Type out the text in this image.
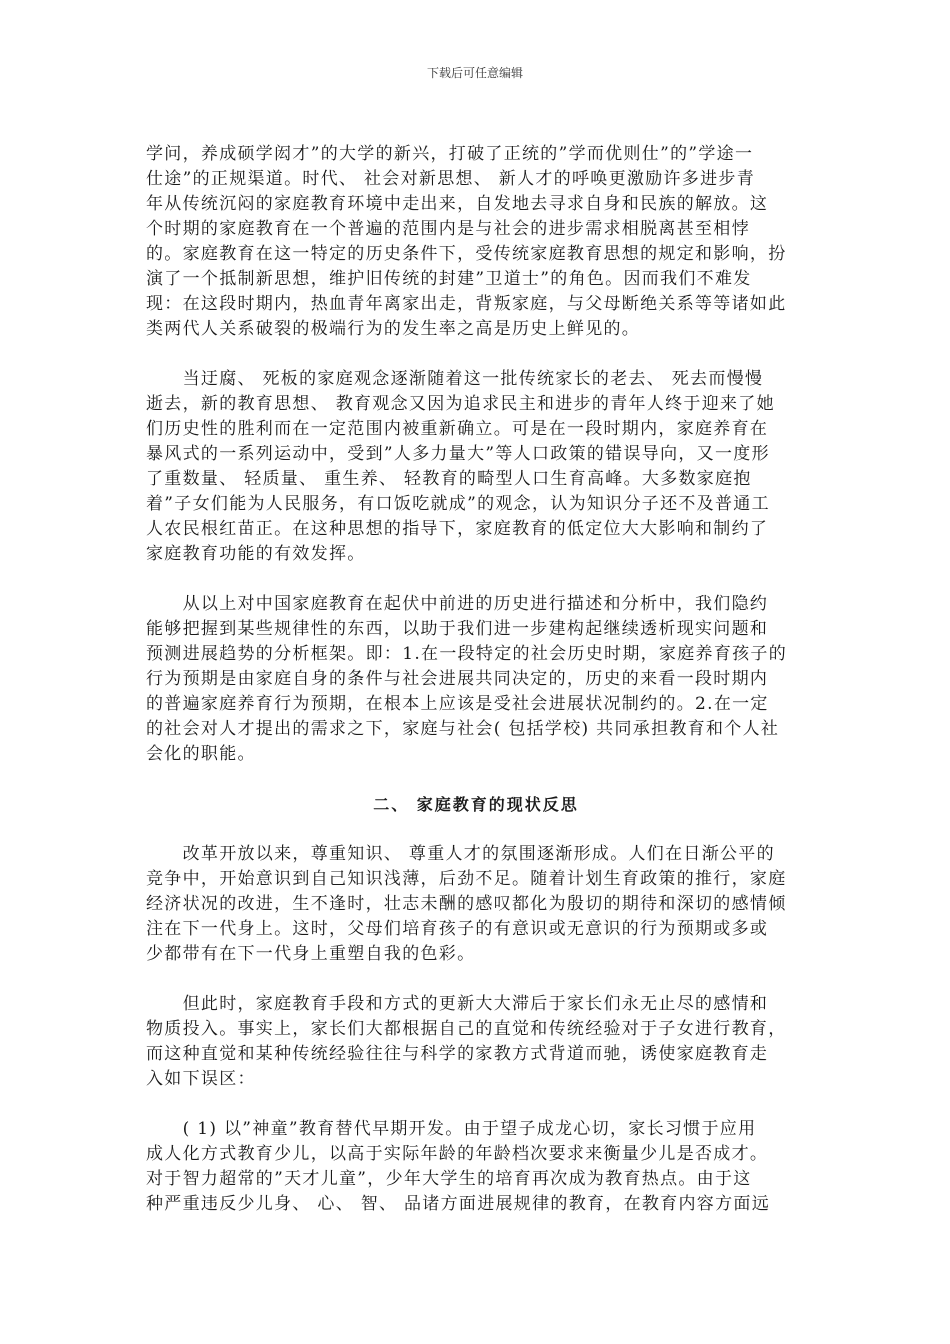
下载后可任意编辑

学问，养成硕学闳才”的大学的新兴，打破了正统的”学而优则仕”的”学途一
仕途”的正规渠道。时代、 社会对新思想、 新人才的呼唤更激励许多进步青
年从传统沉闷的家庭教育环境中走出来，自发地去寻求自身和民族的解放。这
个时期的家庭教育在一个普遍的范围内是与社会的进步需求相脱离甚至相悖
的。家庭教育在这一特定的历史条件下，受传统家庭教育思想的规定和影响，扮
演了一个抵制新思想，维护旧传统的封建”卫道士”的角色。因而我们不难发
现：在这段时期内，热血青年离家出走，背叛家庭，与父母断绝关系等等诸如此
类两代人关系破裂的极端行为的发生率之高是历史上鲜见的。

　　当迂腐、 死板的家庭观念逐渐随着这一批传统家长的老去、 死去而慢慢
逝去，新的教育思想、 教育观念又因为追求民主和进步的青年人终于迎来了她
们历史性的胜利而在一定范围内被重新确立。可是在一段时期内，家庭养育在
暴风式的一系列运动中，受到”人多力量大”等人口政策的错误导向，又一度形
了重数量、 轻质量、 重生养、 轻教育的畸型人口生育高峰。大多数家庭抱
着”子女们能为人民服务，有口饭吃就成”的观念，认为知识分子还不及普通工
人农民根红苗正。在这种思想的指导下，家庭教育的低定位大大影响和制约了
家庭教育功能的有效发挥。

　　从以上对中国家庭教育在起伏中前进的历史进行描述和分析中，我们隐约
能够把握到某些规律性的东西，以助于我们进一步建构起继续透析现实问题和
预测进展趋势的分析框架。即：1.在一段特定的社会历史时期，家庭养育孩子的
行为预期是由家庭自身的条件与社会进展共同决定的，历史的来看一段时期内
的普遍家庭养育行为预期，在根本上应该是受社会进展状况制约的。2.在一定
的社会对人才提出的需求之下，家庭与社会( 包括学校) 共同承担教育和个人社
会化的职能。

二、 家庭教育的现状反思

　　改革开放以来，尊重知识、 尊重人才的氛围逐渐形成。人们在日渐公平的
竞争中，开始意识到自己知识浅薄，后劲不足。随着计划生育政策的推行，家庭
经济状况的改进，生不逢时，壮志未酬的感叹都化为殷切的期待和深切的感情倾
注在下一代身上。这时，父母们培育孩子的有意识或无意识的行为预期或多或
少都带有在下一代身上重塑自我的色彩。

　　但此时，家庭教育手段和方式的更新大大滞后于家长们永无止尽的感情和
物质投入。事实上，家长们大都根据自己的直觉和传统经验对于子女进行教育，
而这种直觉和某种传统经验往往与科学的家教方式背道而驰，诱使家庭教育走
入如下误区：

　　( 1) 以”神童”教育替代早期开发。由于望子成龙心切，家长习惯于应用
成人化方式教育少儿，以高于实际年龄的年龄档次要求来衡量少儿是否成才。
对于智力超常的”天才儿童”，少年大学生的培育再次成为教育热点。由于这
种严重违反少儿身、 心、 智、 品诸方面进展规律的教育，在教育内容方面远
